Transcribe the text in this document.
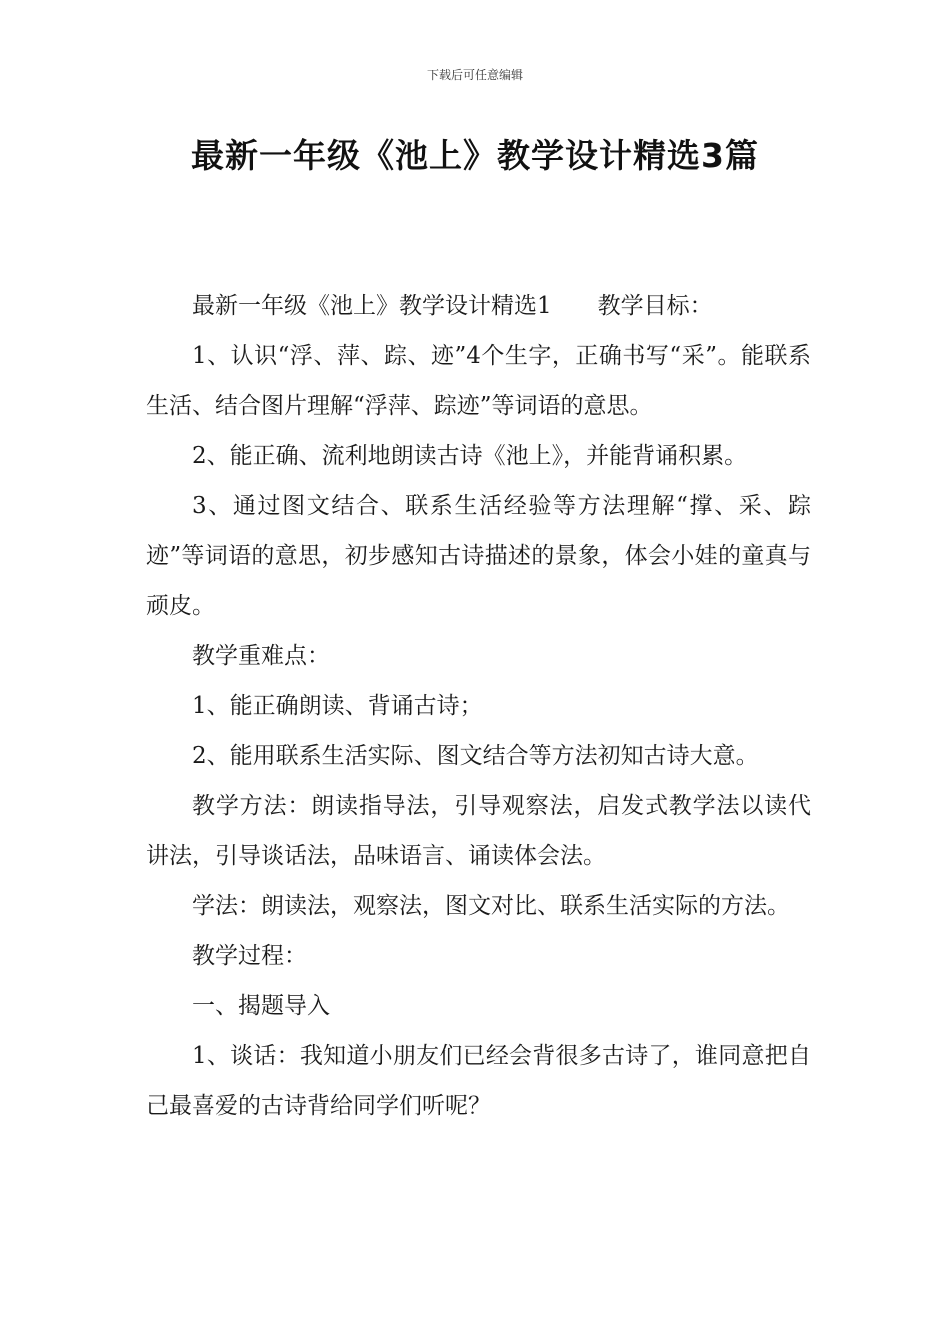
下载后可任意编辑
最新一年级《池上》教学设计精选3篇

最新一年级《池上》教学设计精选1 教学目标：

1、认识“浮、萍、踪、迹”4个生字，正确书写“采”。能联系生活、结合图片理解“浮萍、踪迹”等词语的意思。

2、能正确、流利地朗读古诗《池上》，并能背诵积累。

3、通过图文结合、联系生活经验等方法理解“撑、采、踪迹”等词语的意思，初步感知古诗描述的景象，体会小娃的童真与顽皮。

教学重难点：

1、能正确朗读、背诵古诗；

2、能用联系生活实际、图文结合等方法初知古诗大意。

教学方法：朗读指导法，引导观察法，启发式教学法以读代讲法，引导谈话法，品味语言、诵读体会法。

学法：朗读法，观察法，图文对比、联系生活实际的方法。

教学过程：

一、揭题导入

1、谈话：我知道小朋友们已经会背很多古诗了，谁同意把自己最喜爱的古诗背给同学们听呢？
